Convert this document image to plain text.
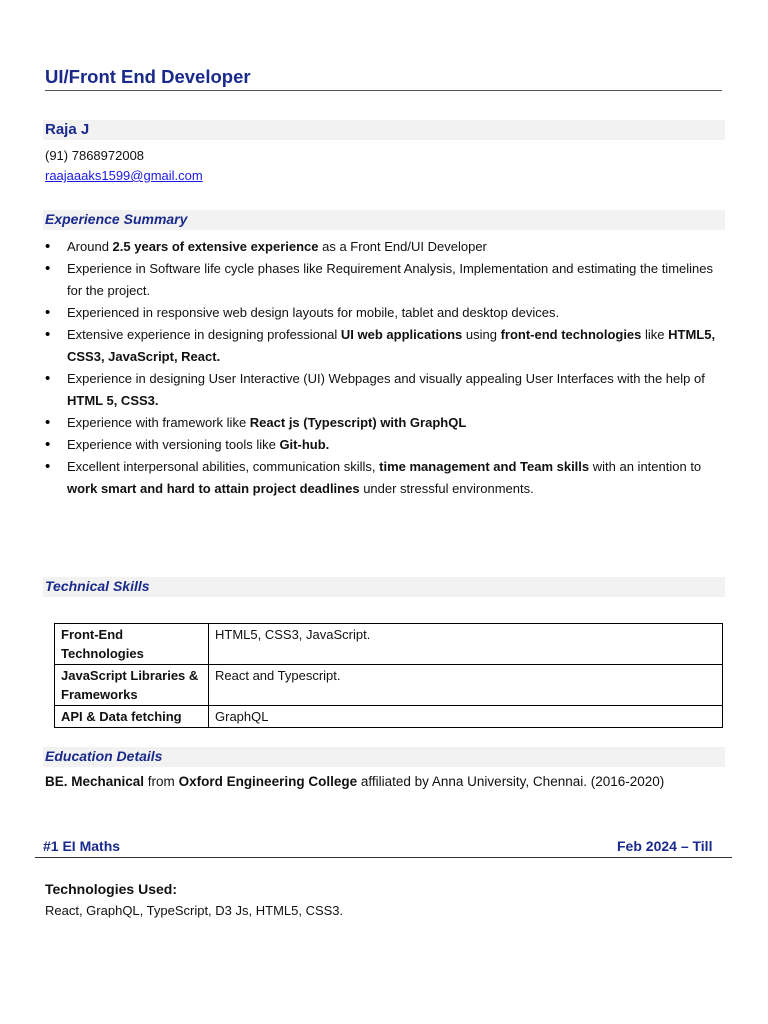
UI/Front End Developer
Raja J
(91) 7868972008
raajaaaks1599@gmail.com
Experience Summary
• Around 2.5 years of extensive experience as a Front End/UI Developer
• Experience in Software life cycle phases like Requirement Analysis, Implementation and estimating the timelines for the project.
• Experienced in responsive web design layouts for mobile, tablet and desktop devices.
• Extensive experience in designing professional UI web applications using front-end technologies like HTML5, CSS3, JavaScript, React.
• Experience in designing User Interactive (UI) Webpages and visually appealing User Interfaces with the help of HTML 5, CSS3.
• Experience with framework like React js (Typescript) with GraphQL
• Experience with versioning tools like Git-hub.
• Excellent interpersonal abilities, communication skills, time management and Team skills with an intention to work smart and hard to attain project deadlines under stressful environments.
Technical Skills
Front-End Technologies	HTML5, CSS3, JavaScript.
JavaScript Libraries & Frameworks	React and Typescript.
API & Data fetching	GraphQL
Education Details
BE. Mechanical from Oxford Engineering College affiliated by Anna University, Chennai. (2016-2020)
#1 EI Maths	Feb 2024 – Till
Technologies Used:
React, GraphQL, TypeScript, D3 Js, HTML5, CSS3.
